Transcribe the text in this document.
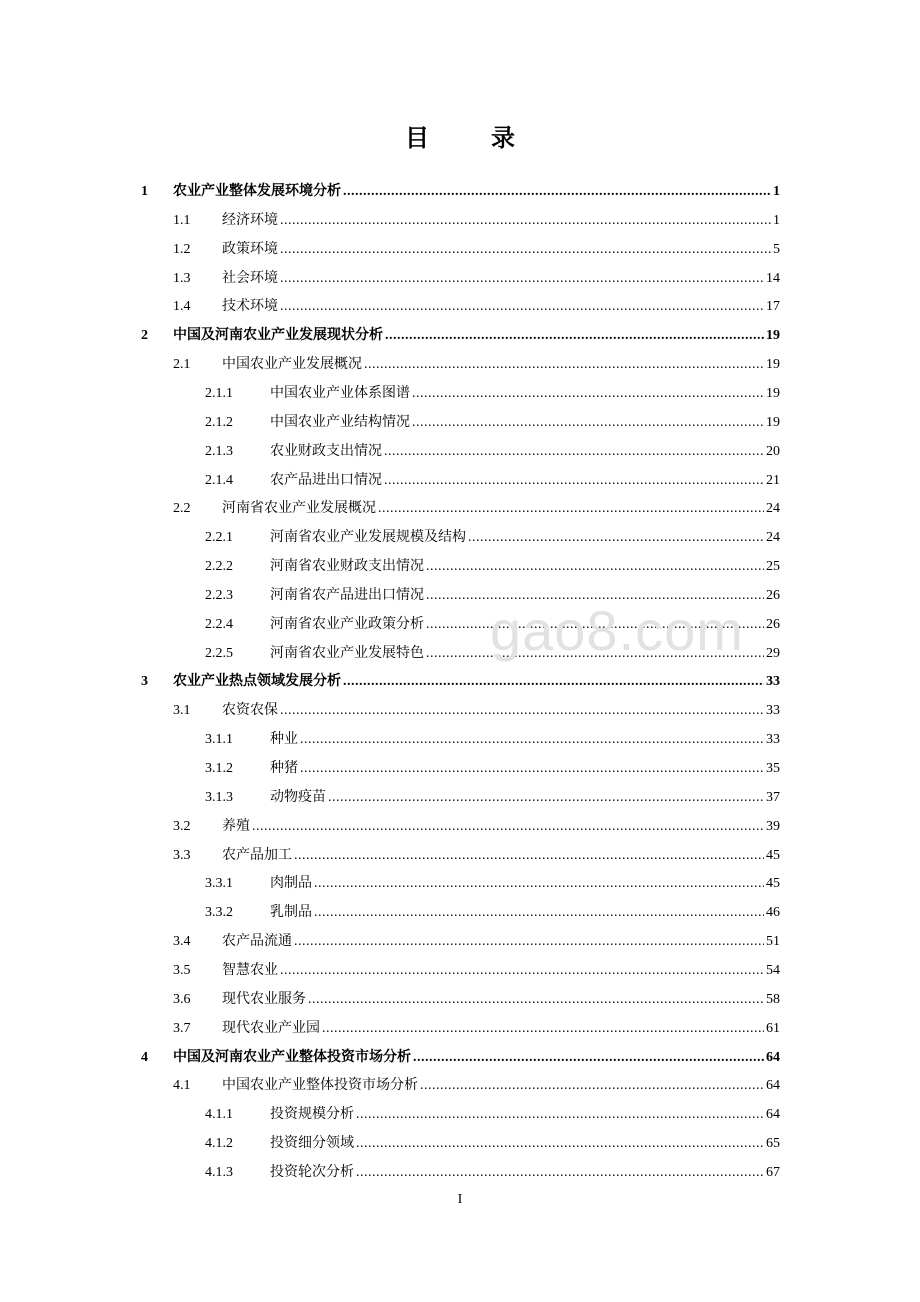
目 录
1 农业产业整体发展环境分析 .....	1
1.1 经济环境 .....	1
1.2 政策环境 .....	5
1.3 社会环境 .....	14
1.4 技术环境 .....	17
2 中国及河南农业产业发展现状分析 .....	19
2.1 中国农业产业发展概况 .....	19
2.1.1	中国农业产业体系图谱 .....	19
2.1.2	中国农业产业结构情况 .....	19
2.1.3	农业财政支出情况 .....	20
2.1.4	农产品进出口情况 .....	21
2.2 河南省农业产业发展概况 .....	24
2.2.1	河南省农业产业发展规模及结构 .....	24
2.2.2	河南省农业财政支出情况 .....	25
2.2.3	河南省农产品进出口情况 .....	26
2.2.4	河南省农业产业政策分析 .....	26
2.2.5	河南省农业产业发展特色 .....	29
3 农业产业热点领域发展分析 .....	33
3.1 农资农保 .....	33
3.1.1	种业 .....	33
3.1.2	种猪 .....	35
3.1.3	动物疫苗 .....	37
3.2 养殖 .....	39
3.3 农产品加工 .....	45
3.3.1	肉制品 .....	45
3.3.2	乳制品 .....	46
3.4 农产品流通 .....	51
3.5 智慧农业 .....	54
3.6 现代农业服务 .....	58
3.7 现代农业产业园 .....	61
4 中国及河南农业产业整体投资市场分析 .....	64
4.1 中国农业产业整体投资市场分析 .....	64
4.1.1	投资规模分析 .....	64
4.1.2	投资细分领域 .....	65
4.1.3	投资轮次分析 .....	67
gao8.com
I
